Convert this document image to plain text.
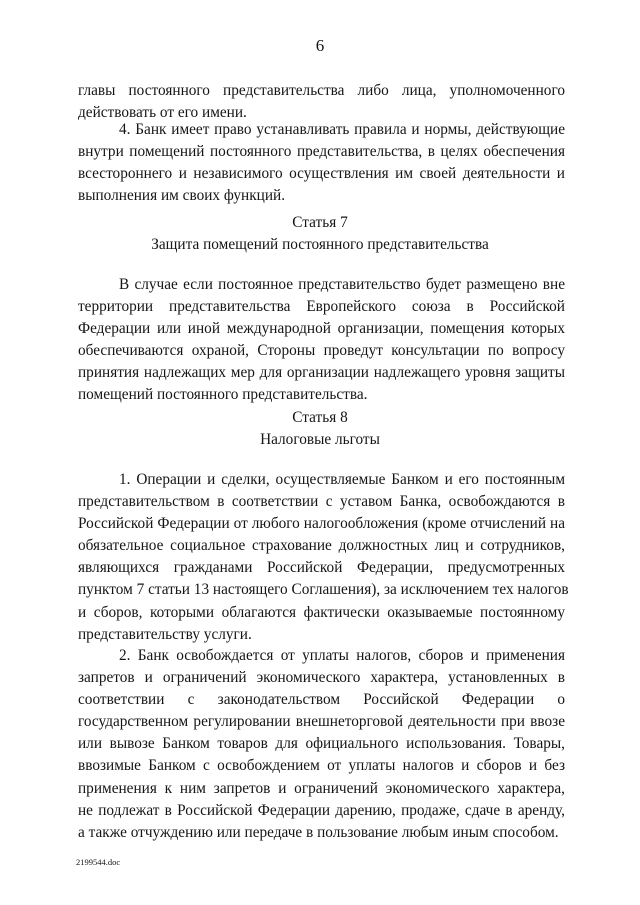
6
главы постоянного представительства либо лица, уполномоченного
действовать от его имени.
4. Банк имеет право устанавливать правила и нормы, действующие
внутри помещений постоянного представительства, в целях обеспечения
всестороннего и независимого осуществления им своей деятельности и
выполнения им своих функций.
Статья 7
Защита помещений постоянного представительства
В случае если постоянное представительство будет размещено вне
территории представительства Европейского союза в Российской
Федерации или иной международной организации, помещения которых
обеспечиваются охраной, Стороны проведут консультации по вопросу
принятия надлежащих мер для организации надлежащего уровня защиты
помещений постоянного представительства.
Статья 8
Налоговые льготы
1. Операции и сделки, осуществляемые Банком и его постоянным
представительством в соответствии с уставом Банка, освобождаются в
Российской Федерации от любого налогообложения (кроме отчислений на
обязательное социальное страхование должностных лиц и сотрудников,
являющихся гражданами Российской Федерации, предусмотренных
пунктом 7 статьи 13 настоящего Соглашения), за исключением тех налогов
и сборов, которыми облагаются фактически оказываемые постоянному
представительству услуги.
2. Банк освобождается от уплаты налогов, сборов и применения
запретов и ограничений экономического характера, установленных в
соответствии с законодательством Российской Федерации о
государственном регулировании внешнеторговой деятельности при ввозе
или вывозе Банком товаров для официального использования. Товары,
ввозимые Банком с освобождением от уплаты налогов и сборов и без
применения к ним запретов и ограничений экономического характера,
не подлежат в Российской Федерации дарению, продаже, сдаче в аренду,
а также отчуждению или передаче в пользование любым иным способом.
2199544.doc
